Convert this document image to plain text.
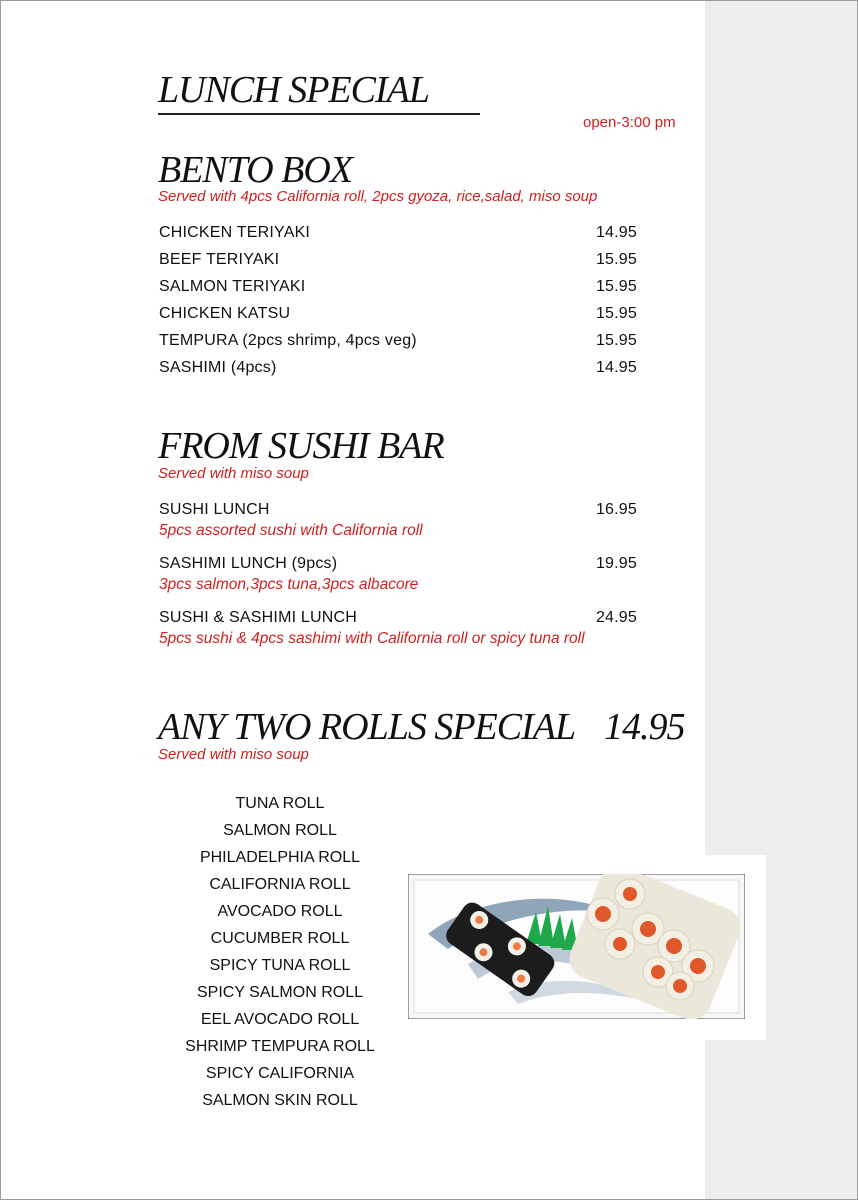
LUNCH SPECIAL
open-3:00 pm
BENTO BOX
Served with 4pcs California roll, 2pcs gyoza, rice,salad, miso soup
CHICKEN TERIYAKI	14.95
BEEF TERIYAKI	15.95
SALMON TERIYAKI	15.95
CHICKEN KATSU	15.95
TEMPURA (2pcs shrimp, 4pcs veg)	15.95
SASHIMI (4pcs)	14.95
FROM SUSHI BAR
Served with miso soup
SUSHI LUNCH	16.95
5pcs assorted sushi with California roll
SASHIMI LUNCH (9pcs)	19.95
3pcs salmon,3pcs tuna,3pcs albacore
SUSHI & SASHIMI LUNCH	24.95
5pcs sushi & 4pcs sashimi with California roll or spicy tuna roll
ANY TWO ROLLS SPECIAL 14.95
Served with miso soup
TUNA ROLL
SALMON ROLL
PHILADELPHIA ROLL
CALIFORNIA ROLL
AVOCADO ROLL
CUCUMBER ROLL
SPICY TUNA ROLL
SPICY SALMON ROLL
EEL AVOCADO ROLL
SHRIMP TEMPURA ROLL
SPICY CALIFORNIA
SALMON SKIN ROLL
